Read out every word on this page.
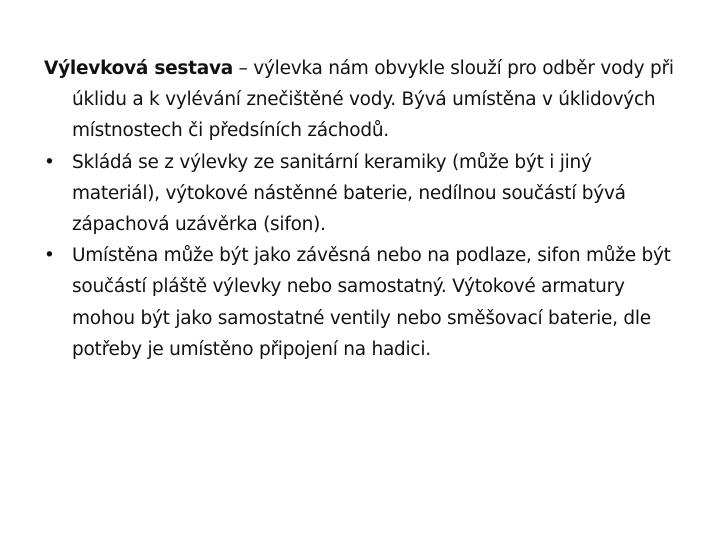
Výlevková sestava – výlevka nám obvykle slouží pro odběr vody při úklidu a k vylévání znečištěné vody. Bývá umístěna v úklidových místnostech či předsíních záchodů.

• Skládá se z výlevky ze sanitární keramiky (může být i jiný materiál), výtokové nástěnné baterie, nedílnou součástí bývá zápachová uzávěrka (sifon).

• Umístěna může být jako závěsná nebo na podlaze, sifon může být součástí pláště výlevky nebo samostatný. Výtokové armatury mohou být jako samostatné ventily nebo směšovací baterie, dle potřeby je umístěno připojení na hadici.
